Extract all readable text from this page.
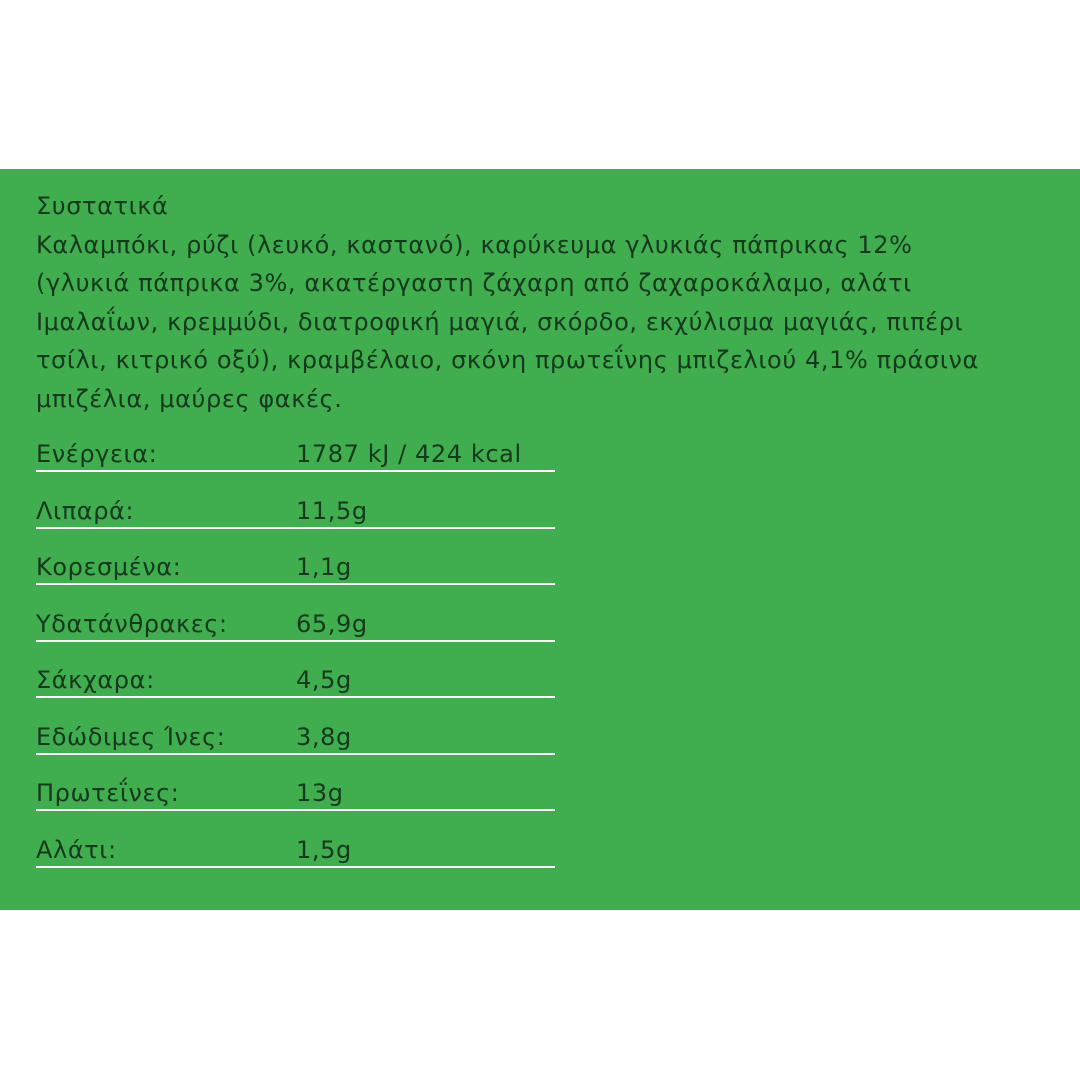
Συστατικά

Καλαμπόκι, ρύζι (λευκό, καστανό), καρύκευμα γλυκιάς πάπρικας 12%
(γλυκιά πάπρικα 3%, ακατέργαστη ζάχαρη από ζαχαροκάλαμο, αλάτι
Ιμαλαΐων, κρεμμύδι, διατροφική μαγιά, σκόρδο, εκχύλισμα μαγιάς, πιπέρι
τσίλι, κιτρικό οξύ), κραμβέλαιο, σκόνη πρωτεΐνης μπιζελιού 4,1% πράσινα
μπιζέλια, μαύρες φακές.

Ενέργεια:	1787 kJ / 424 kcal
Λιπαρά:	11,5g
Κορεσμένα:	1,1g
Υδατάνθρακες:	65,9g
Σάκχαρα:	4,5g
Εδώδιμες Ίνες:	3,8g
Πρωτεΐνες:	13g
Αλάτι:	1,5g
